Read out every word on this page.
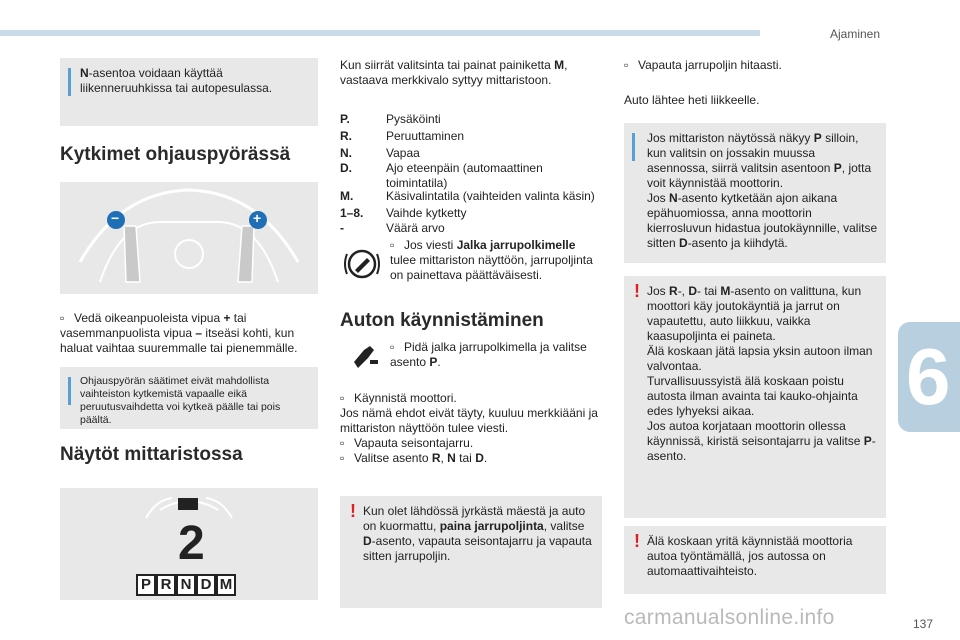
Ajaminen
6
137
carmanualsonline.info
N-asentoa voidaan käyttää liikenneruuhkissa tai autopesulassa.
Kytkimet ohjauspyörässä
−	+
▫ Vedä oikeanpuoleista vipua + tai vasemmanpuolista vipua – itseäsi kohti, kun haluat vaihtaa suuremmalle tai pienemmälle.
Ohjauspyörän säätimet eivät mahdollista vaihteiston kytkemistä vapaalle eikä peruutusvaihdetta voi kytkeä päälle tai pois päältä.
Näytöt mittaristossa
2
P R N D M
Kun siirrät valitsinta tai painat painiketta M, vastaava merkkivalo syttyy mittaristoon.
P.	Pysäköinti
R.	Peruuttaminen
N.	Vapaa
D.	Ajo eteenpäin (automaattinen toimintatila)
M.	Käsivalintatila (vaihteiden valinta käsin)
1–8. Vaihde kytketty
-	Väärä arvo
▫ Jos viesti Jalka jarrupolkimelle tulee mittariston näyttöön, jarrupoljinta on painettava päättäväisesti.
Auton käynnistäminen
▫ Pidä jalka jarrupolkimella ja valitse asento P.
▫ Käynnistä moottori.
Jos nämä ehdot eivät täyty, kuuluu merkkiääni ja mittariston näyttöön tulee viesti.
▫ Vapauta seisontajarru.
▫ Valitse asento R, N tai D.
! Kun olet lähdössä jyrkästä mäestä ja auto on kuormattu, paina jarrupoljinta, valitse D-asento, vapauta seisontajarru ja vapauta sitten jarrupoljin.
▫ Vapauta jarrupoljin hitaasti.
Auto lähtee heti liikkeelle.
Jos mittariston näytössä näkyy P silloin, kun valitsin on jossakin muussa asennossa, siirrä valitsin asentoon P, jotta voit käynnistää moottorin.
Jos N-asento kytketään ajon aikana epähuomiossa, anna moottorin kierrosluvun hidastua joutokäynnille, valitse sitten D-asento ja kiihdytä.
! Jos R-, D- tai M-asento on valittuna, kun moottori käy joutokäyntiä ja jarrut on vapautettu, auto liikkuu, vaikka kaasupoljinta ei paineta.
Älä koskaan jätä lapsia yksin autoon ilman valvontaa.
Turvallisuussyistä älä koskaan poistu autosta ilman avainta tai kauko-ohjainta edes lyhyeksi aikaa.
Jos autoa korjataan moottorin ollessa käynnissä, kiristä seisontajarru ja valitse P-asento.
! Älä koskaan yritä käynnistää moottoria autoa työntämällä, jos autossa on automaattivaihteisto.
